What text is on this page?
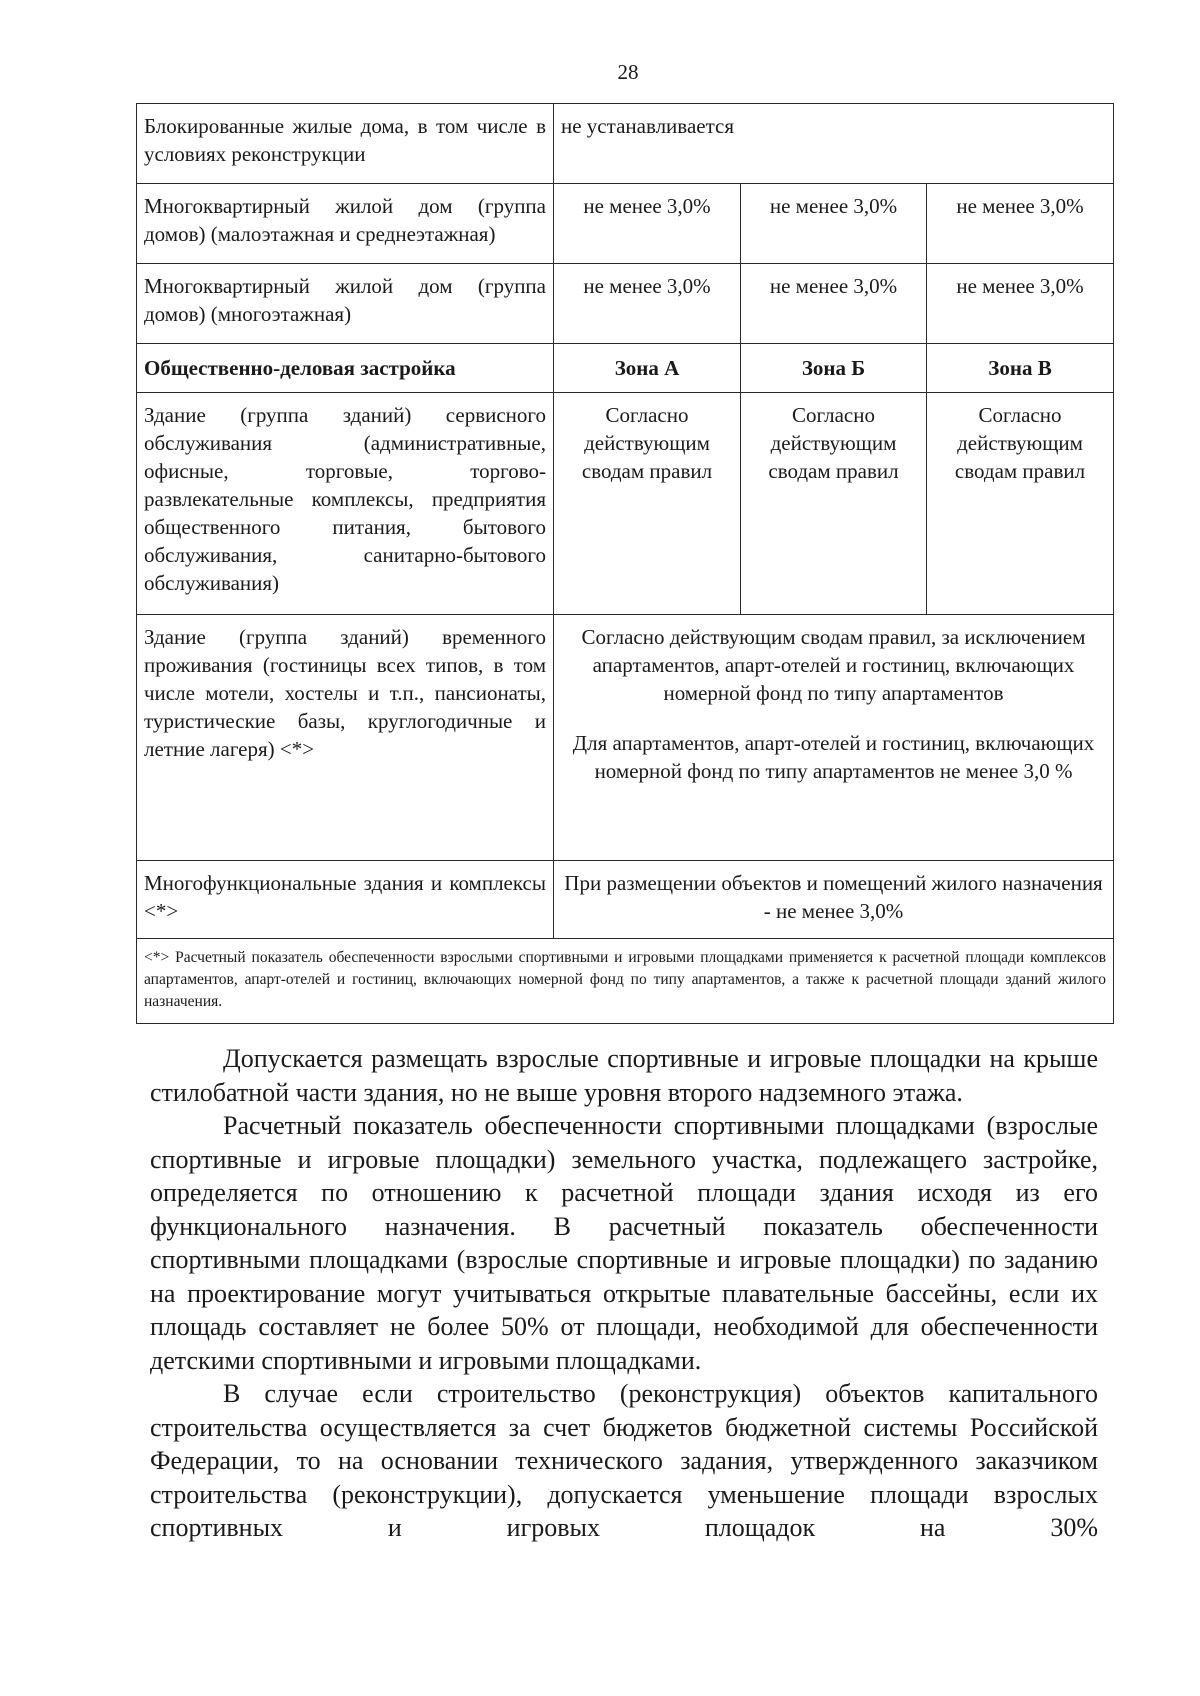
28
Блокированные жилые дома, в том числе в условиях реконструкции	не устанавливается		
Многоквартирный жилой дом (группа домов) (малоэтажная и среднеэтажная)	не менее 3,0%	не менее 3,0%	не менее 3,0%
Многоквартирный жилой дом (группа домов) (многоэтажная)	не менее 3,0%	не менее 3,0%	не менее 3,0%
Общественно-деловая застройка	Зона А	Зона Б	Зона В
Здание (группа зданий) сервисного обслуживания (административные, офисные, торговые, торгово-развлекательные комплексы, предприятия общественного питания, бытового обслуживания, санитарно-бытового обслуживания)	Согласно действующим сводам правил	Согласно действующим сводам правил	Согласно действующим сводам правил
Здание (группа зданий) временного проживания (гостиницы всех типов, в том числе мотели, хостелы и т.п., пансионаты, туристические базы, круглогодичные и летние лагеря) <*>	Согласно действующим сводам правил, за исключением апартаментов, апарт-отелей и гостиниц, включающих номерной фонд по типу апартаментов
Для апартаментов, апарт-отелей и гостиниц, включающих номерной фонд по типу апартаментов не менее 3,0 %		
Многофункциональные здания и комплексы <*>	При размещении объектов и помещений жилого назначения - не менее 3,0%		
<*> Расчетный показатель обеспеченности взрослыми спортивными и игровыми площадками применяется к расчетной площади комплексов апартаментов, апарт-отелей и гостиниц, включающих номерной фонд по типу апартаментов, а также к расчетной площади зданий жилого назначения.			

Допускается размещать взрослые спортивные и игровые площадки на крыше стилобатной части здания, но не выше уровня второго надземного этажа.

Расчетный показатель обеспеченности спортивными площадками (взрослые спортивные и игровые площадки) земельного участка, подлежащего застройке, определяется по отношению к расчетной площади здания исходя из его функционального назначения. В расчетный показатель обеспеченности спортивными площадками (взрослые спортивные и игровые площадки) по заданию на проектирование могут учитываться открытые плавательные бассейны, если их площадь составляет не более 50% от площади, необходимой для обеспеченности детскими спортивными и игровыми площадками.

В случае если строительство (реконструкция) объектов капитального строительства осуществляется за счет бюджетов бюджетной системы Российской Федерации, то на основании технического задания, утвержденного заказчиком строительства (реконструкции), допускается уменьшение площади взрослых спортивных и игровых площадок на 30%
